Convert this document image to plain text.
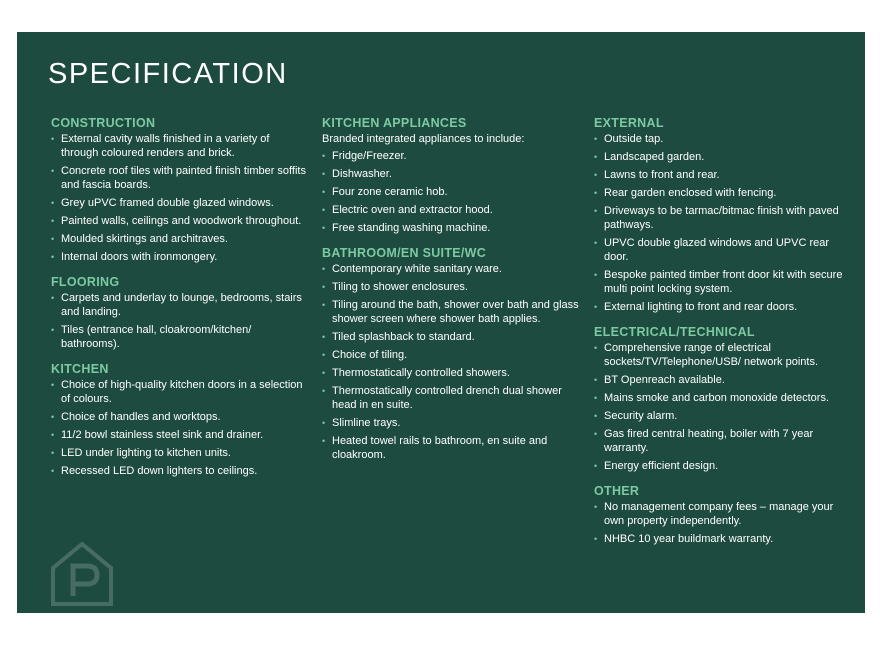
SPECIFICATION
CONSTRUCTION
• External cavity walls finished in a variety of through coloured renders and brick.
• Concrete roof tiles with painted finish timber soffits and fascia boards.
• Grey uPVC framed double glazed windows.
• Painted walls, ceilings and woodwork throughout.
• Moulded skirtings and architraves.
• Internal doors with ironmongery.
FLOORING
• Carpets and underlay to lounge, bedrooms, stairs and landing.
• Tiles (entrance hall, cloakroom/kitchen/ bathrooms).
KITCHEN
• Choice of high-quality kitchen doors in a selection of colours.
• Choice of handles and worktops.
• 11/2 bowl stainless steel sink and drainer.
• LED under lighting to kitchen units.
• Recessed LED down lighters to ceilings.
KITCHEN APPLIANCES
Branded integrated appliances to include:
• Fridge/Freezer.
• Dishwasher.
• Four zone ceramic hob.
• Electric oven and extractor hood.
• Free standing washing machine.
BATHROOM/EN SUITE/WC
• Contemporary white sanitary ware.
• Tiling to shower enclosures.
• Tiling around the bath, shower over bath and glass shower screen where shower bath applies.
• Tiled splashback to standard.
• Choice of tiling.
• Thermostatically controlled showers.
• Thermostatically controlled drench dual shower head in en suite.
• Slimline trays.
• Heated towel rails to bathroom, en suite and cloakroom.
EXTERNAL
• Outside tap.
• Landscaped garden.
• Lawns to front and rear.
• Rear garden enclosed with fencing.
• Driveways to be tarmac/bitmac finish with paved pathways.
• UPVC double glazed windows and UPVC rear door.
• Bespoke painted timber front door kit with secure multi point locking system.
• External lighting to front and rear doors.
ELECTRICAL/TECHNICAL
• Comprehensive range of electrical sockets/TV/Telephone/USB/ network points.
• BT Openreach available.
• Mains smoke and carbon monoxide detectors.
• Security alarm.
• Gas fired central heating, boiler with 7 year warranty.
• Energy efficient design.
OTHER
• No management company fees – manage your own property independently.
• NHBC 10 year buildmark warranty.
